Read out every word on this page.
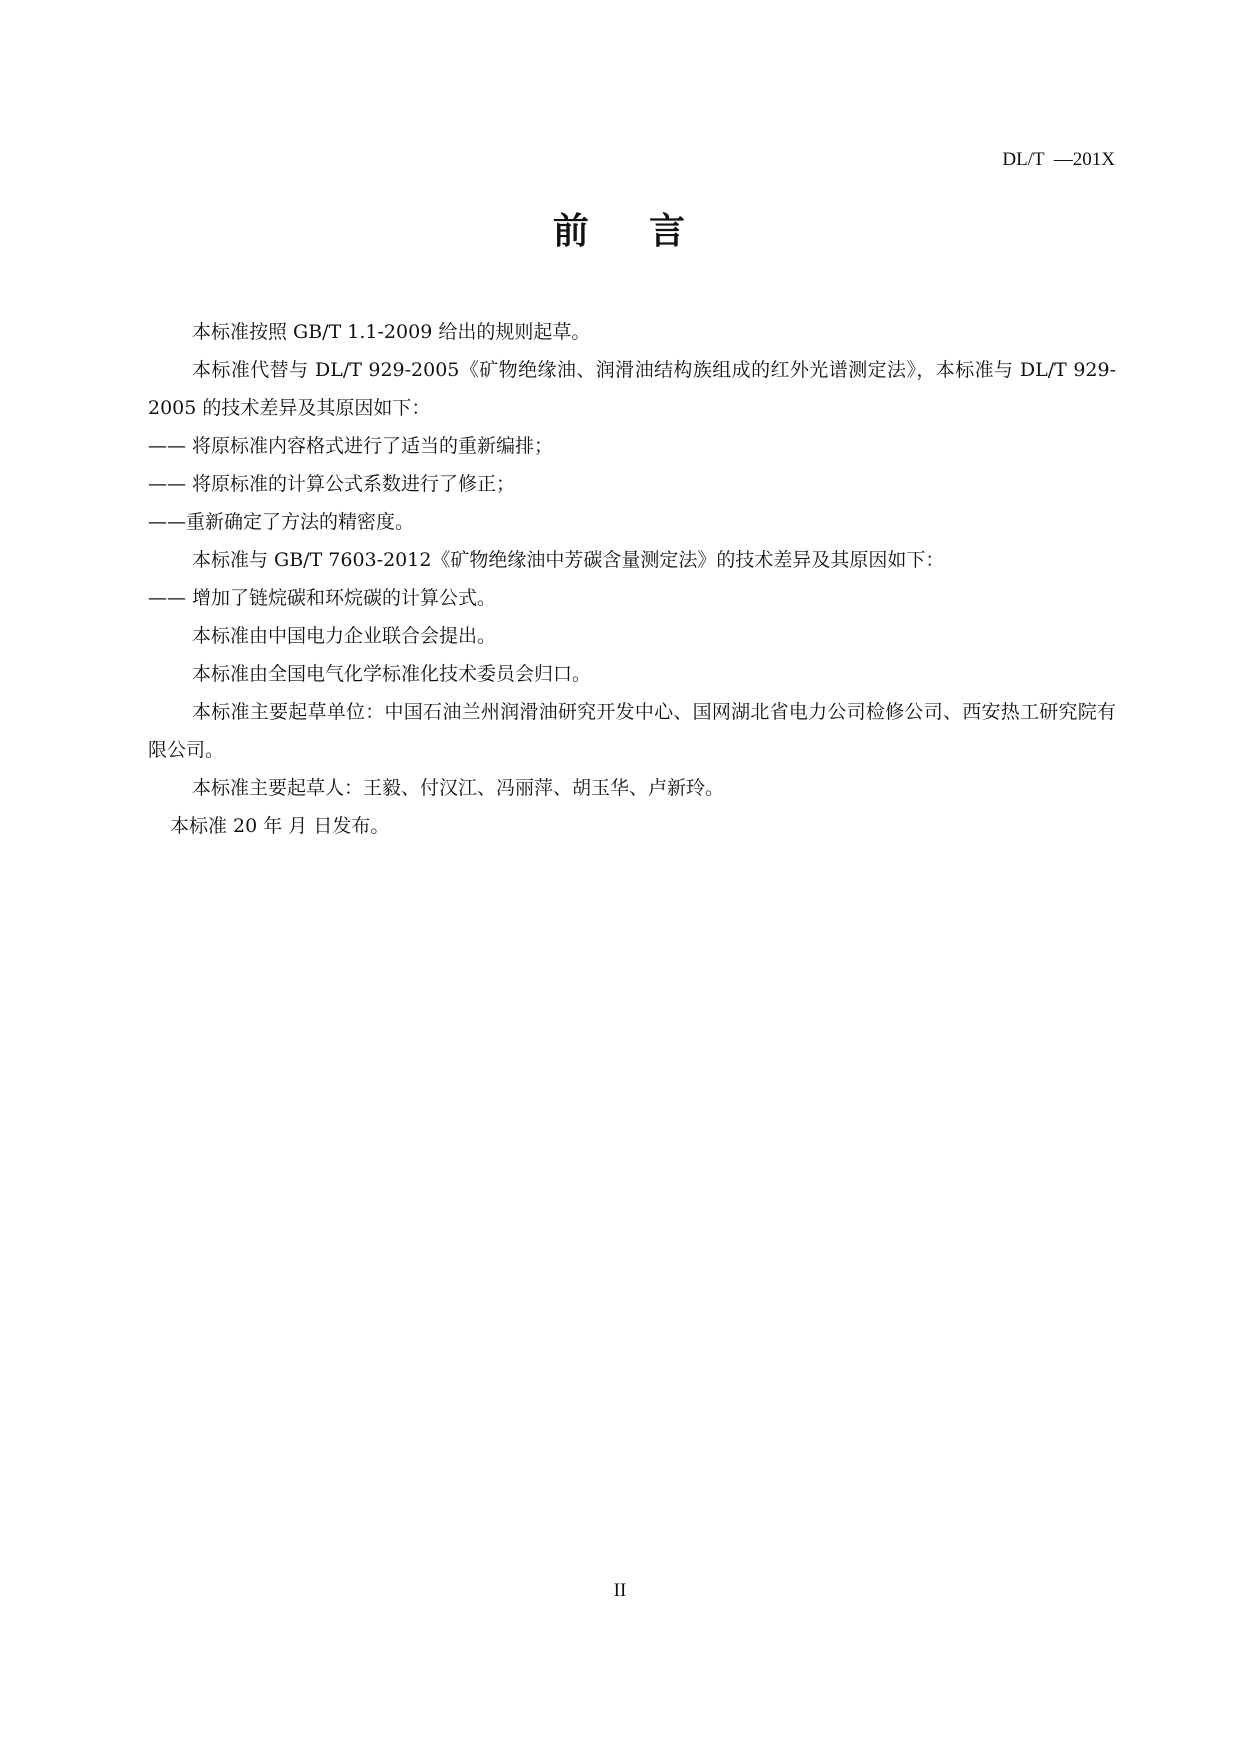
DL/T  —201X
前    言

本标准按照 GB/T 1.1-2009 给出的规则起草。

本标准代替与 DL/T 929-2005《矿物绝缘油、润滑油结构族组成的红外光谱测定法》，本标准与 DL/T 929-2005 的技术差异及其原因如下：

—— 将原标准内容格式进行了适当的重新编排；

—— 将原标准的计算公式系数进行了修正；

——重新确定了方法的精密度。

本标准与 GB/T 7603-2012《矿物绝缘油中芳碳含量测定法》的技术差异及其原因如下：

—— 增加了链烷碳和环烷碳的计算公式。

本标准由中国电力企业联合会提出。

本标准由全国电气化学标准化技术委员会归口。

本标准主要起草单位：中国石油兰州润滑油研究开发中心、国网湖北省电力公司检修公司、西安热工研究院有限公司。

本标准主要起草人：王毅、付汉江、冯丽萍、胡玉华、卢新玲。

本标准 20 年 月 日发布。

II
